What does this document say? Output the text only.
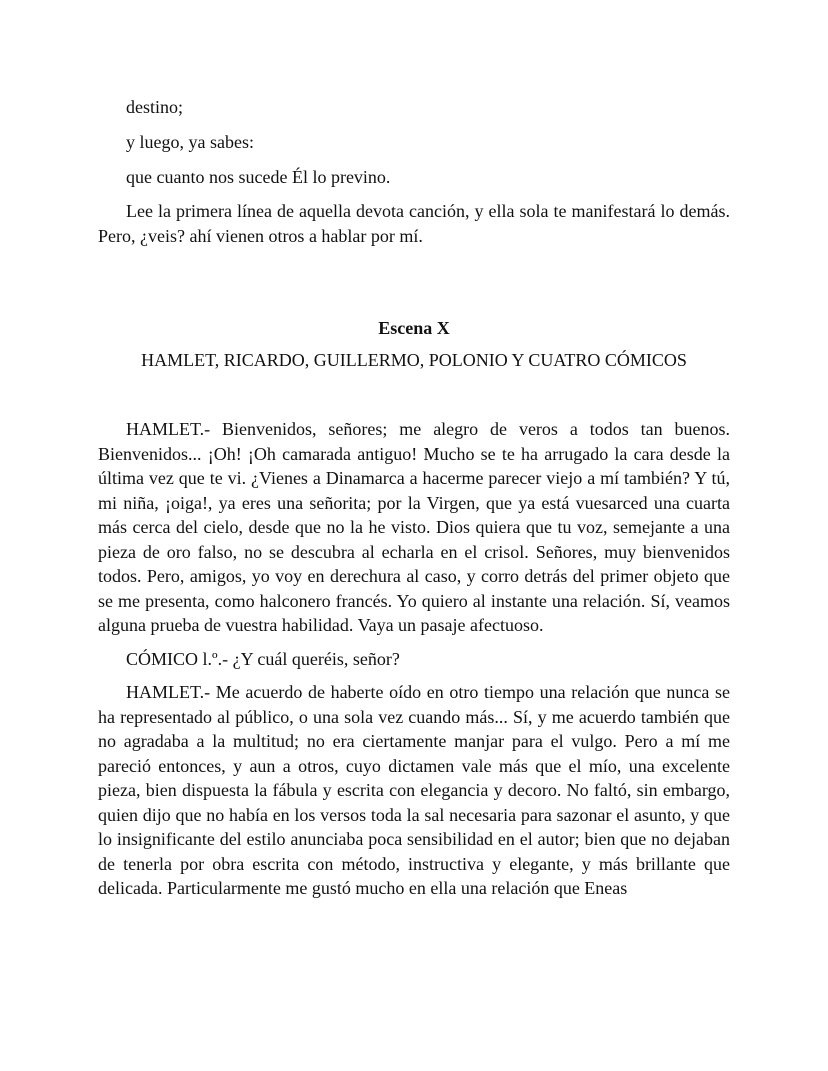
destino;

y luego, ya sabes:

que cuanto nos sucede Él lo previno.

Lee la primera línea de aquella devota canción, y ella sola te manifestará lo demás. Pero, ¿veis? ahí vienen otros a hablar por mí.

Escena X

HAMLET, RICARDO, GUILLERMO, POLONIO Y CUATRO CÓMICOS

HAMLET.- Bienvenidos, señores; me alegro de veros a todos tan buenos. Bienvenidos... ¡Oh! ¡Oh camarada antiguo! Mucho se te ha arrugado la cara desde la última vez que te vi. ¿Vienes a Dinamarca a hacerme parecer viejo a mí también? Y tú, mi niña, ¡oiga!, ya eres una señorita; por la Virgen, que ya está vuesarced una cuarta más cerca del cielo, desde que no la he visto. Dios quiera que tu voz, semejante a una pieza de oro falso, no se descubra al echarla en el crisol. Señores, muy bienvenidos todos. Pero, amigos, yo voy en derechura al caso, y corro detrás del primer objeto que se me presenta, como halconero francés. Yo quiero al instante una relación. Sí, veamos alguna prueba de vuestra habilidad. Vaya un pasaje afectuoso.

CÓMICO l.º.- ¿Y cuál queréis, señor?

HAMLET.- Me acuerdo de haberte oído en otro tiempo una relación que nunca se ha representado al público, o una sola vez cuando más... Sí, y me acuerdo también que no agradaba a la multitud; no era ciertamente manjar para el vulgo. Pero a mí me pareció entonces, y aun a otros, cuyo dictamen vale más que el mío, una excelente pieza, bien dispuesta la fábula y escrita con elegancia y decoro. No faltó, sin embargo, quien dijo que no había en los versos toda la sal necesaria para sazonar el asunto, y que lo insignificante del estilo anunciaba poca sensibilidad en el autor; bien que no dejaban de tenerla por obra escrita con método, instructiva y elegante, y más brillante que delicada. Particularmente me gustó mucho en ella una relación que Eneas
